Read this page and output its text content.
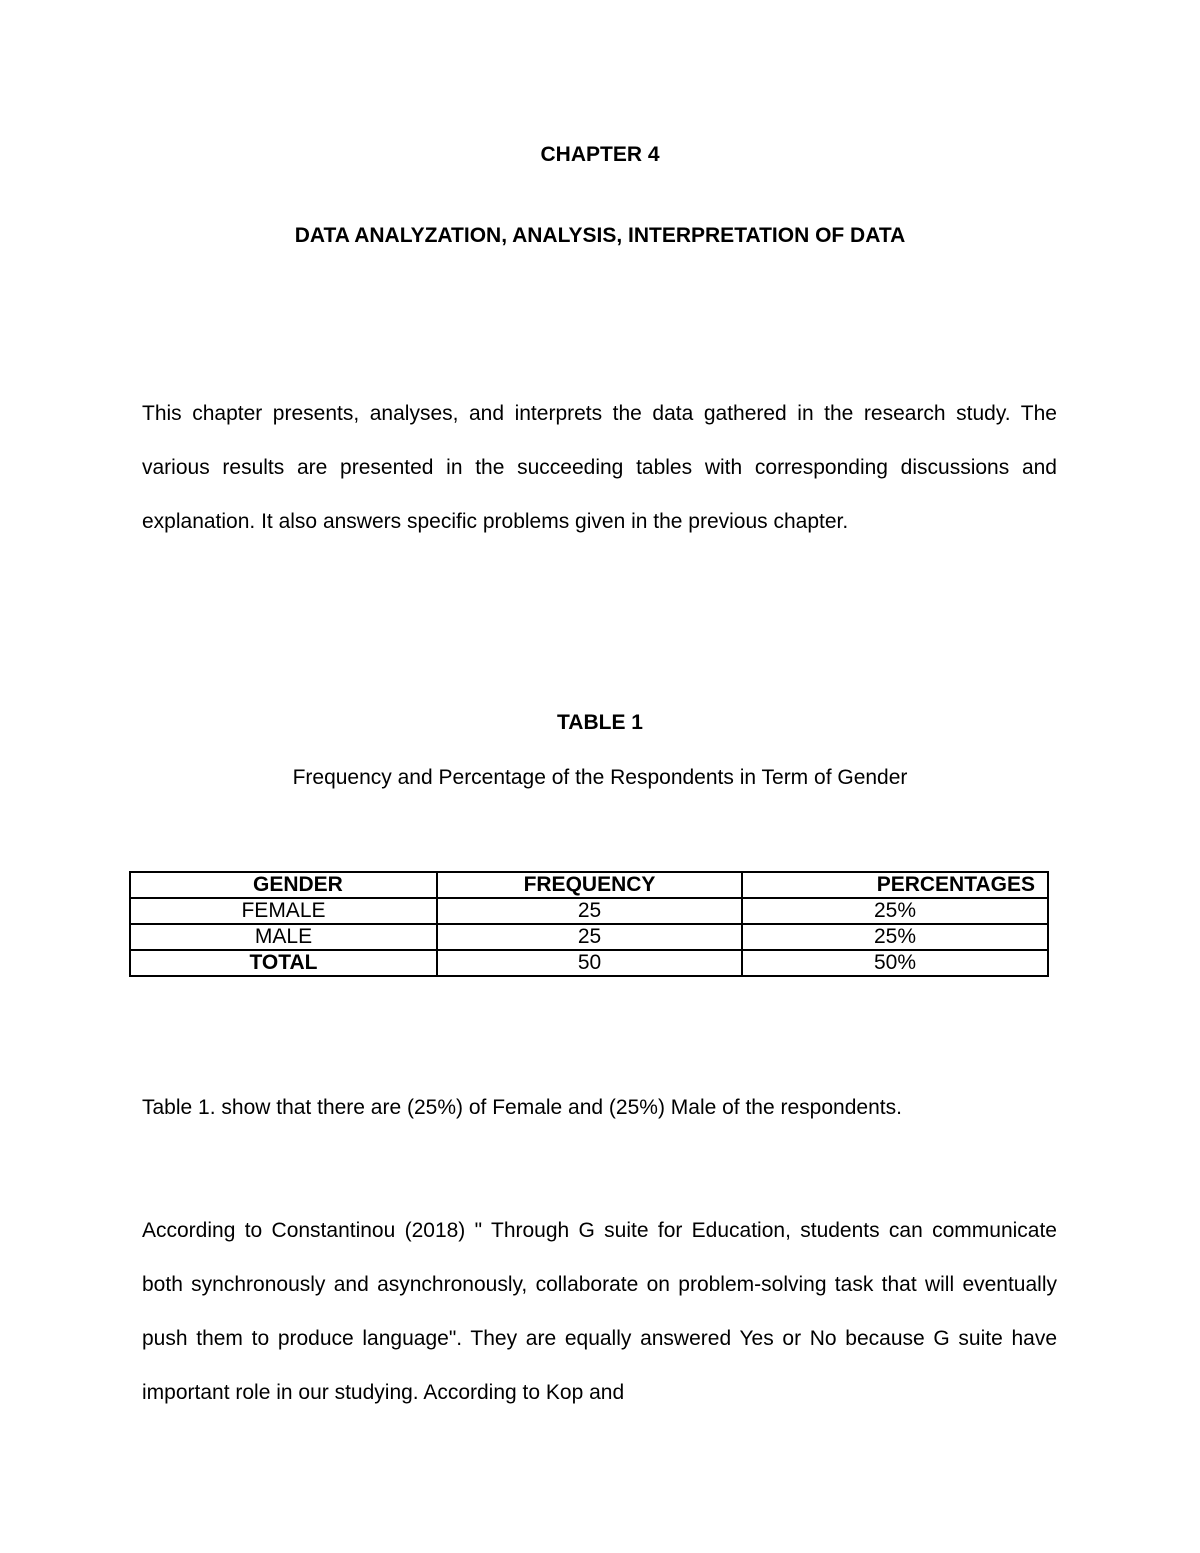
CHAPTER 4
DATA ANALYZATION, ANALYSIS, INTERPRETATION OF DATA
This chapter presents, analyses, and interprets the data gathered in the research study. The various results are presented in the succeeding tables with corresponding discussions and explanation. It also answers specific problems given in the previous chapter.
TABLE 1
Frequency and Percentage of the Respondents in Term of Gender
GENDER	FREQUENCY	PERCENTAGES
FEMALE	25	25%
MALE	25	25%
TOTAL	50	50%
Table 1. show that there are (25%) of Female and (25%) Male of the respondents.
According to Constantinou (2018) " Through G suite for Education, students can communicate both synchronously and asynchronously, collaborate on problem-solving task that will eventually push them to produce language". They are equally answered Yes or No because G suite have important role in our studying. According to Kop and
